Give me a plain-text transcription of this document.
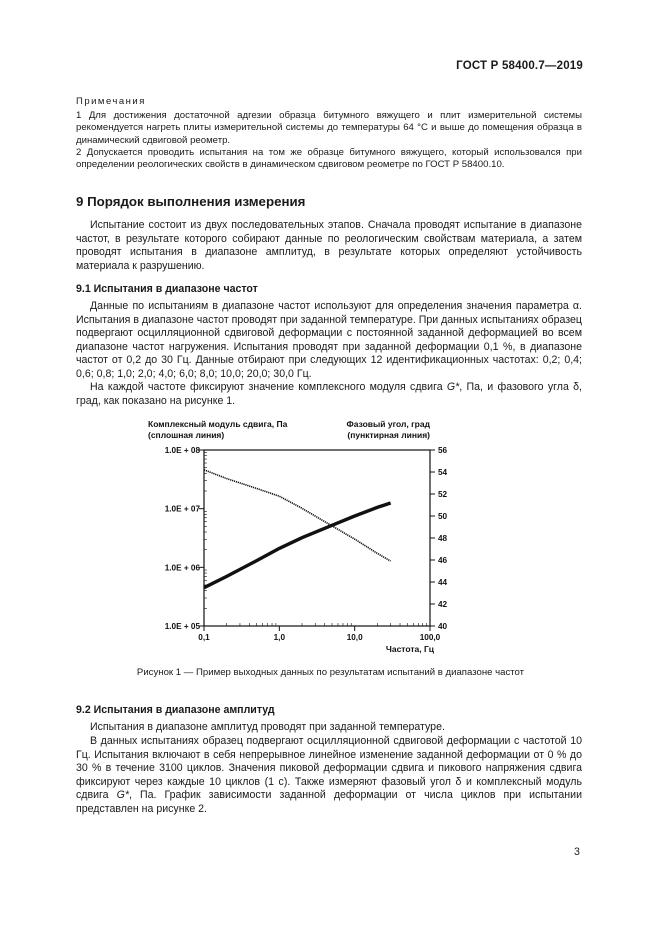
ГОСТ Р 58400.7—2019
Примечания
1 Для достижения достаточной адгезии образца битумного вяжущего и плит измерительной системы рекомендуется нагреть плиты измерительной системы до температуры 64 °С и выше до помещения образца в динамический сдвиговой реометр.
2 Допускается проводить испытания на том же образце битумного вяжущего, который использовался при определении реологических свойств в динамическом сдвиговом реометре по ГОСТ Р 58400.10.
9 Порядок выполнения измерения
Испытание состоит из двух последовательных этапов. Сначала проводят испытание в диапазоне частот, в результате которого собирают данные по реологическим свойствам материала, а затем проводят испытания в диапазоне амплитуд, в результате которых определяют устойчивость материала к разрушению.
9.1 Испытания в диапазоне частот
Данные по испытаниям в диапазоне частот используют для определения значения параметра α. Испытания в диапазоне частот проводят при заданной температуре. При данных испытаниях образец подвергают осцилляционной сдвиговой деформации с постоянной заданной деформацией во всем диапазоне частот нагружения. Испытания проводят при заданной деформации 0,1 %, в диапазоне частот от 0,2 до 30 Гц. Данные отбирают при следующих 12 идентификационных частотах: 0,2; 0,4; 0,6; 0,8; 1,0; 2,0; 4,0; 6,0; 8,0; 10,0; 20,0; 30,0 Гц.
На каждой частоте фиксируют значение комплексного модуля сдвига G*, Па, и фазового угла δ, град, как показано на рисунке 1.
Комплексный модуль сдвига, Па
(сплошная линия)
Фазовый угол, град
(пунктирная линия)
1.0E + 05
1.0E + 06
1.0E + 07
1.0E + 08
40
42
44
46
48
50
52
54
56
0,1	1,0	10,0	100,0
Частота, Гц
Рисунок 1 — Пример выходных данных по результатам испытаний в диапазоне частот
9.2 Испытания в диапазоне амплитуд
Испытания в диапазоне амплитуд проводят при заданной температуре.
В данных испытаниях образец подвергают осцилляционной сдвиговой деформации с частотой 10 Гц. Испытания включают в себя непрерывное линейное изменение заданной деформации от 0 % до 30 % в течение 3100 циклов. Значения пиковой деформации сдвига и пикового напряжения сдвига фиксируют через каждые 10 циклов (1 с). Также измеряют фазовый угол δ и комплексный модуль сдвига G*, Па. График зависимости заданной деформации от числа циклов при испытании представлен на рисунке 2.
3
